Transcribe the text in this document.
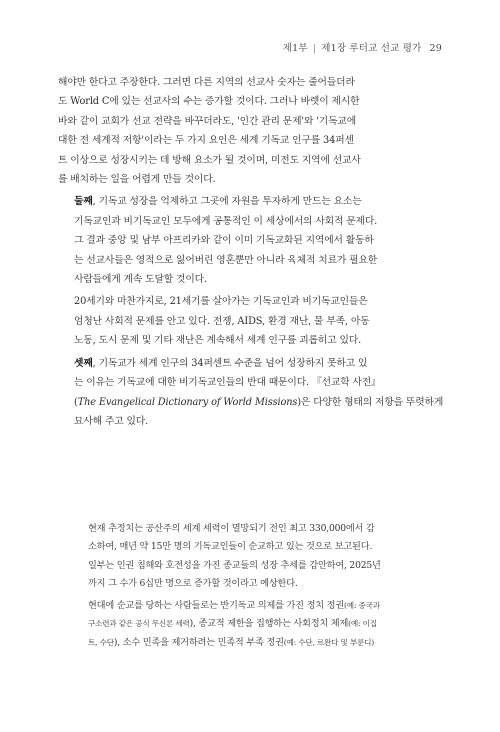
제1부 | 제1장 루터교 선교 평가 29

해야만 한다고 주장한다. 그러면 다른 지역의 선교사 숫자는 줄어들더라
도 World C에 있는 선교사의 수는 증가할 것이다. 그러나 바렛이 제시한
바와 같이 교회가 선교 전략을 바꾸더라도, '인간 관리 문제'와 '기독교에
대한 전 세계적 저항'이라는 두 가지 요인은 세계 기독교 인구를 34퍼센
트 이상으로 성장시키는 데 방해 요소가 될 것이며, 미전도 지역에 선교사
를 배치하는 일을 어렵게 만들 것이다.

둘째, 기독교 성장을 억제하고 그곳에 자원을 투자하게 만드는 요소는
기독교인과 비기독교인 모두에게 공통적인 이 세상에서의 사회적 문제다.
그 결과 중앙 및 남부 아프리카와 같이 이미 기독교화된 지역에서 활동하
는 선교사들은 영적으로 잃어버린 영혼뿐만 아니라 육체적 치료가 필요한
사람들에게 계속 도달할 것이다.

20세기와 마찬가지로, 21세기를 살아가는 기독교인과 비기독교인들은
엄청난 사회적 문제를 안고 있다. 전쟁, AIDS, 환경 재난, 물 부족, 아동
노동, 도시 문제 및 기타 재난은 계속해서 세계 인구를 괴롭히고 있다.

셋째, 기독교가 세계 인구의 34퍼센트 수준을 넘어 성장하지 못하고 있
는 이유는 기독교에 대한 비기독교인들의 반대 때문이다. 『선교학 사전』
(The Evangelical Dictionary of World Missions)은 다양한 형태의 저항을 뚜렷하게
묘사해 주고 있다.

현재 추정치는 공산주의 세계 세력이 멸망되기 전인 최고 330,000에서 감
소하여, 매년 약 15만 명의 기독교인들이 순교하고 있는 것으로 보고된다.
일부는 인권 침해와 호전성을 가진 종교들의 성장 추세를 감안하여, 2025년
까지 그 수가 6십만 명으로 증가할 것이라고 예상한다.

현대에 순교를 당하는 사람들로는 반기독교 의제를 가진 정치 정권(예: 중국과
구소련과 같은 공식 무신론 세력), 종교적 제한을 집행하는 사회정치 체제(예: 이집
트, 수단), 소수 민족을 제거하려는 민족적 부족 정권(예: 수단, 르완다 및 부룬디)
